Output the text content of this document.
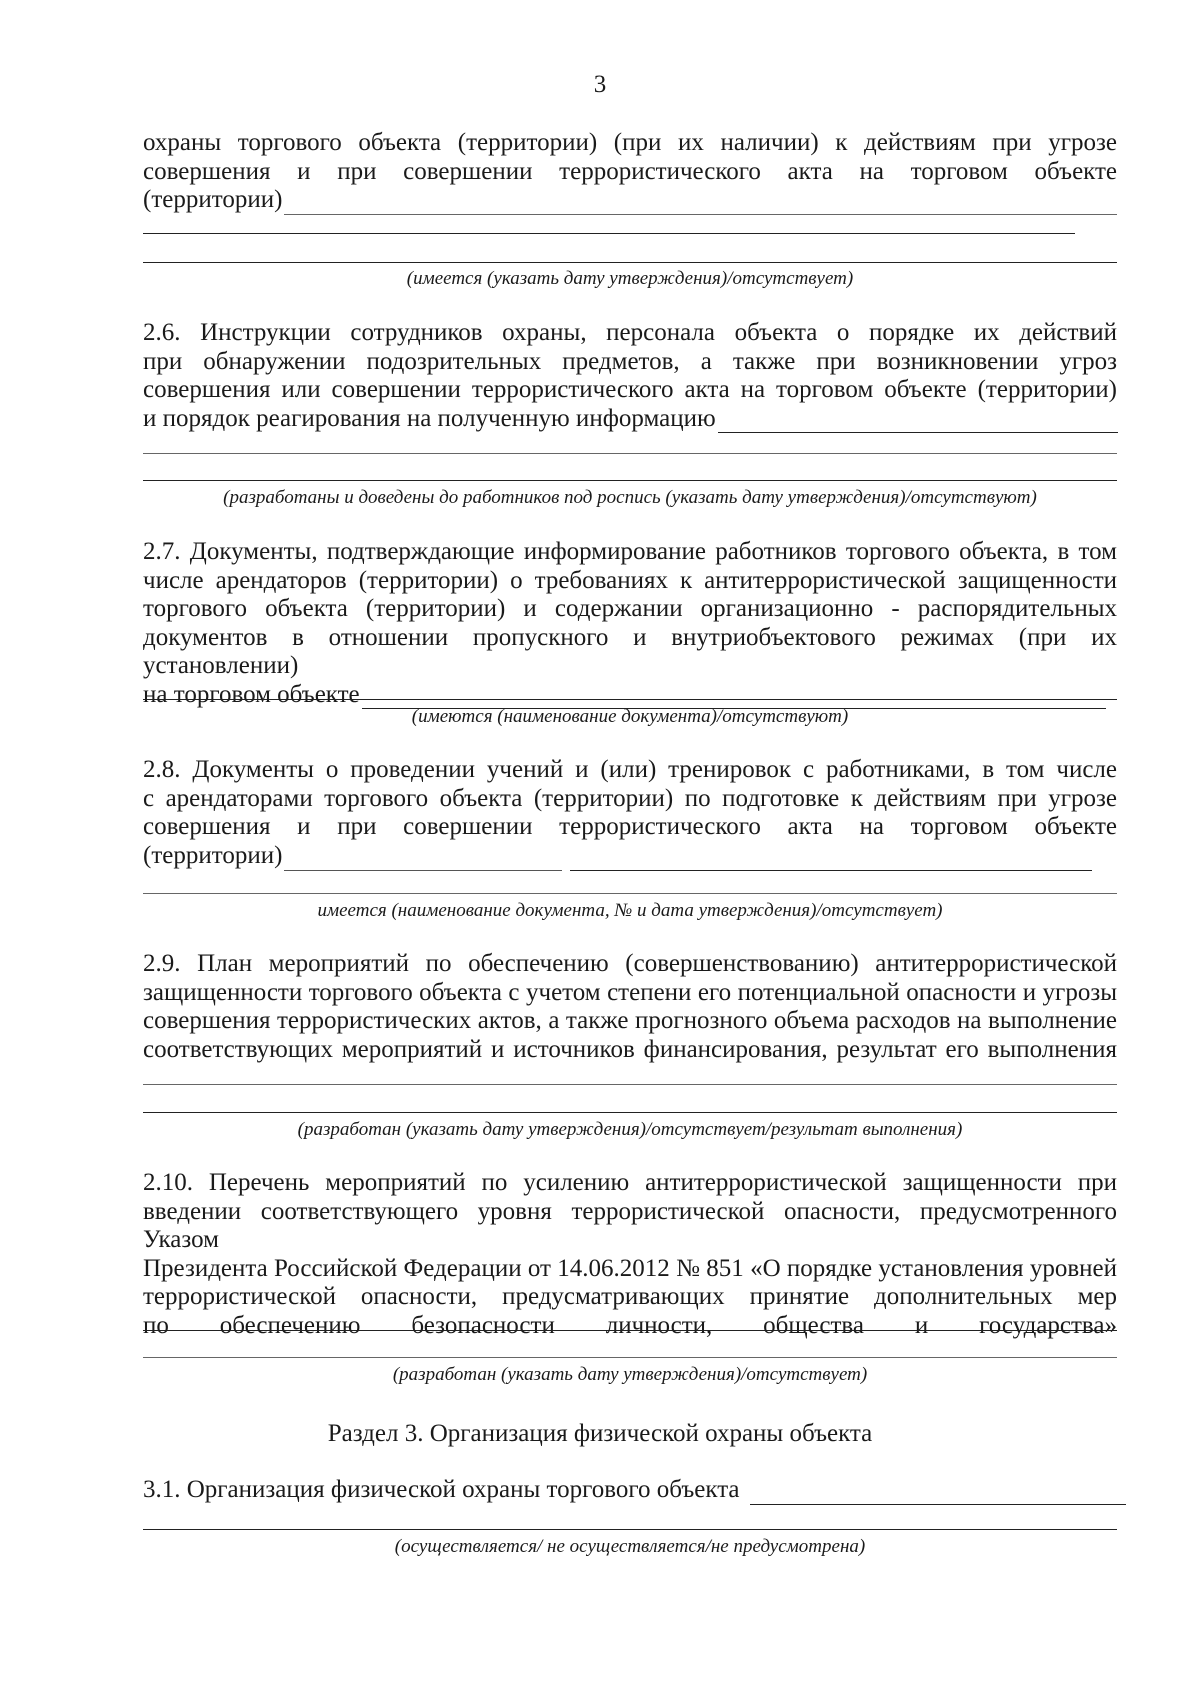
3

охраны торгового объекта (территории) (при их наличии) к действиям при угрозе

совершения и при совершении террористического акта на торговом объекте

(территории)

(имеется (указать дату утверждения)/отсутствует)

2.6. Инструкции сотрудников охраны, персонала объекта о порядке их действий

при обнаружении подозрительных предметов, а также при возникновении угроз

совершения или совершении террористического акта на торговом объекте (территории)

и порядок реагирования на полученную информацию

(разработаны и доведены до работников под роспись (указать дату утверждения)/отсутствуют)

2.7. Документы, подтверждающие информирование работников торгового объекта, в том

числе арендаторов (территории) о требованиях к антитеррористической защищенности

торгового объекта (территории) и содержании организационно - распорядительных

документов в отношении пропускного и внутриобъектового режимах (при их установлении)

на торговом объекте

(имеются (наименование документа)/отсутствуют)

2.8. Документы о проведении учений и (или) тренировок с работниками, в том числе

с арендаторами торгового объекта (территории) по подготовке к действиям при угрозе

совершения и при совершении террористического акта на торговом объекте

(территории)

имеется (наименование документа, № и дата утверждения)/отсутствует)

2.9. План мероприятий по обеспечению (совершенствованию) антитеррористической

защищенности торгового объекта с учетом степени его потенциальной опасности и угрозы

совершения террористических актов, а также прогнозного объема расходов на выполнение

соответствующих мероприятий и источников финансирования, результат его выполнения

(разработан (указать дату утверждения)/отсутствует/результат выполнения)

2.10. Перечень мероприятий по усилению антитеррористической защищенности при

введении соответствующего уровня террористической опасности, предусмотренного Указом

Президента Российской Федерации от 14.06.2012 № 851 «О порядке установления уровней

террористической опасности, предусматривающих принятие дополнительных мер

по обеспечению безопасности личности, общества и государства»

(разработан (указать дату утверждения)/отсутствует)
Раздел 3. Организация физической охраны объекта

3.1. Организация физической охраны торгового объекта

(осуществляется/ не осуществляется/не предусмотрена)
